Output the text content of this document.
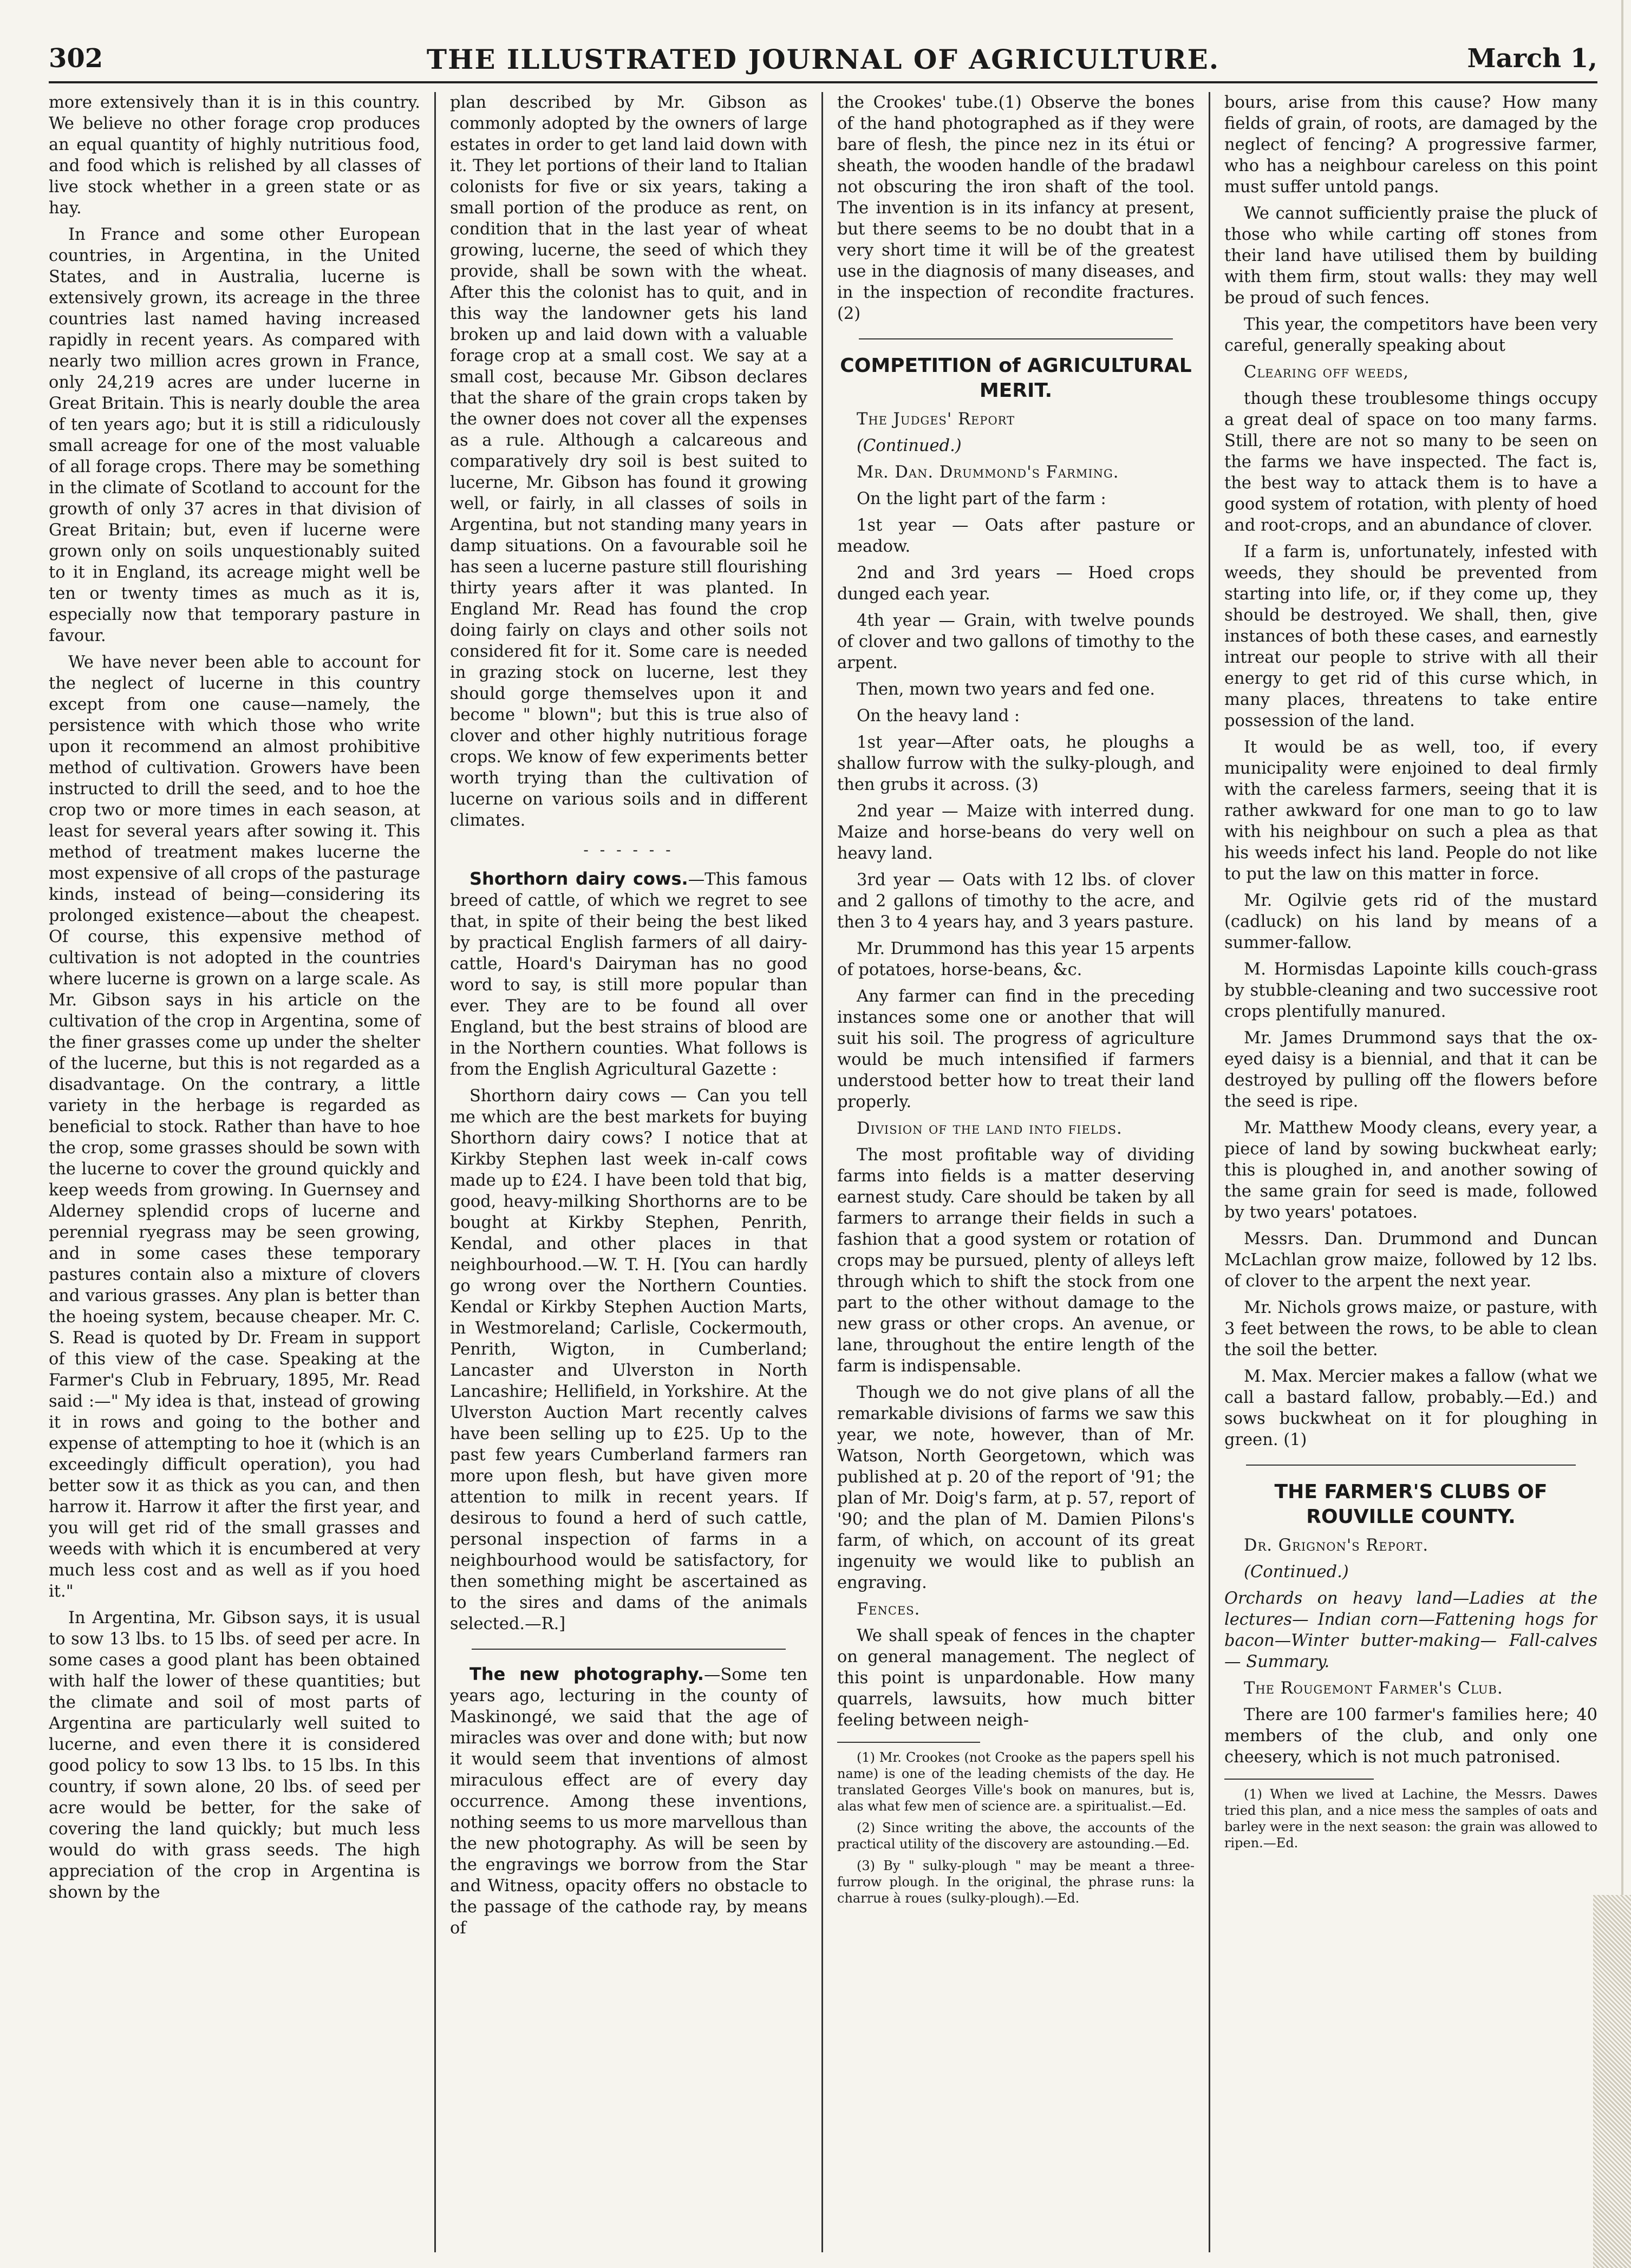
302	THE ILLUSTRATED JOURNAL OF AGRICULTURE.	March 1,

more extensively than it is in this country. We believe no other forage crop produces an equal quantity of highly nutritious food, and food which is relished by all classes of live stock whether in a green state or as hay.

In France and some other European countries, in Argentina, in the United States, and in Australia, lucerne is extensively grown, its acreage in the three countries last named having increased rapidly in recent years. As compared with nearly two million acres grown in France, only 24,219 acres are under lucerne in Great Britain. This is nearly double the area of ten years ago; but it is still a ridiculously small acreage for one of the most valuable of all forage crops. There may be something in the climate of Scotland to account for the growth of only 37 acres in that division of Great Britain; but, even if lucerne were grown only on soils unquestionably suited to it in England, its acreage might well be ten or twenty times as much as it is, especially now that temporary pasture in favour.

We have never been able to account for the neglect of lucerne in this country except from one cause—namely, the persistence with which those who write upon it recommend an almost prohibitive method of cultivation. Growers have been instructed to drill the seed, and to hoe the crop two or more times in each season, at least for several years after sowing it. This method of treatment makes lucerne the most expensive of all crops of the pasturage kinds, instead of being—considering its prolonged existence—about the cheapest. Of course, this expensive method of cultivation is not adopted in the countries where lucerne is grown on a large scale. As Mr. Gibson says in his article on the cultivation of the crop in Argentina, some of the finer grasses come up under the shelter of the lucerne, but this is not regarded as a disadvantage. On the contrary, a little variety in the herbage is regarded as beneficial to stock. Rather than have to hoe the crop, some grasses should be sown with the lucerne to cover the ground quickly and keep weeds from growing. In Guernsey and Alderney splendid crops of lucerne and perennial ryegrass may be seen growing, and in some cases these temporary pastures contain also a mixture of clovers and various grasses. Any plan is better than the hoeing system, because cheaper. Mr. C. S. Read is quoted by Dr. Fream in support of this view of the case. Speaking at the Farmer's Club in February, 1895, Mr. Read said :—" My idea is that, instead of growing it in rows and going to the bother and expense of attempting to hoe it (which is an exceedingly difficult operation), you had better sow it as thick as you can, and then harrow it. Harrow it after the first year, and you will get rid of the small grasses and weeds with which it is encumbered at very much less cost and as well as if you hoed it."

In Argentina, Mr. Gibson says, it is usual to sow 13 lbs. to 15 lbs. of seed per acre. In some cases a good plant has been obtained with half the lower of these quantities; but the climate and soil of most parts of Argentina are particularly well suited to lucerne, and even there it is considered good policy to sow 13 lbs. to 15 lbs. In this country, if sown alone, 20 lbs. of seed per acre would be better, for the sake of covering the land quickly; but much less would do with grass seeds. The high appreciation of the crop in Argentina is shown by the

plan described by Mr. Gibson as commonly adopted by the owners of large estates in order to get land laid down with it. They let portions of their land to Italian colonists for five or six years, taking a small portion of the produce as rent, on condition that in the last year of wheat growing, lucerne, the seed of which they provide, shall be sown with the wheat. After this the colonist has to quit, and in this way the landowner gets his land broken up and laid down with a valuable forage crop at a small cost. We say at a small cost, because Mr. Gibson declares that the share of the grain crops taken by the owner does not cover all the expenses as a rule. Although a calcareous and comparatively dry soil is best suited to lucerne, Mr. Gibson has found it growing well, or fairly, in all classes of soils in Argentina, but not standing many years in damp situations. On a favourable soil he has seen a lucerne pasture still flourishing thirty years after it was planted. In England Mr. Read has found the crop doing fairly on clays and other soils not considered fit for it. Some care is needed in grazing stock on lucerne, lest they should gorge themselves upon it and become " blown"; but this is true also of clover and other highly nutritious forage crops. We know of few experiments better worth trying than the cultivation of lucerne on various soils and in different climates.

- - - - - -

Shorthorn dairy cows.—This famous breed of cattle, of which we regret to see that, in spite of their being the best liked by practical English farmers of all dairy-cattle, Hoard's Dairyman has no good word to say, is still more popular than ever. They are to be found all over England, but the best strains of blood are in the Northern counties. What follows is from the English Agricultural Gazette :

Shorthorn dairy cows — Can you tell me which are the best markets for buying Shorthorn dairy cows? I notice that at Kirkby Stephen last week in-calf cows made up to £24. I have been told that big, good, heavy-milking Shorthorns are to be bought at Kirkby Stephen, Penrith, Kendal, and other places in that neighbourhood.—W. T. H. [You can hardly go wrong over the Northern Counties. Kendal or Kirkby Stephen Auction Marts, in Westmoreland; Carlisle, Cockermouth, Penrith, Wigton, in Cumberland; Lancaster and Ulverston in North Lancashire; Hellifield, in Yorkshire. At the Ulverston Auction Mart recently calves have been selling up to £25. Up to the past few years Cumberland farmers ran more upon flesh, but have given more attention to milk in recent years. If desirous to found a herd of such cattle, personal inspection of farms in a neighbourhood would be satisfactory, for then something might be ascertained as to the sires and dams of the animals selected.—R.]

The new photography.—Some ten years ago, lecturing in the county of Maskinongé, we said that the age of miracles was over and done with; but now it would seem that inventions of almost miraculous effect are of every day occurrence. Among these inventions, nothing seems to us more marvellous than the new photography. As will be seen by the engravings we borrow from the Star and Witness, opacity offers no obstacle to the passage of the cathode ray, by means of

the Crookes' tube.(1) Observe the bones of the hand photographed as if they were bare of flesh, the pince nez in its étui or sheath, the wooden handle of the bradawl not obscuring the iron shaft of the tool. The invention is in its infancy at present, but there seems to be no doubt that in a very short time it will be of the greatest use in the diagnosis of many diseases, and in the inspection of recondite fractures. (2)

COMPETITION of AGRICULTURAL MERIT.

The Judges' Report

(Continued.)

Mr. Dan. Drummond's Farming.

On the light part of the farm :

1st year — Oats after pasture or meadow.

2nd and 3rd years — Hoed crops dunged each year.

4th year — Grain, with twelve pounds of clover and two gallons of timothy to the arpent.

Then, mown two years and fed one.

On the heavy land :

1st year—After oats, he ploughs a shallow furrow with the sulky-plough, and then grubs it across. (3)

2nd year — Maize with interred dung. Maize and horse-beans do very well on heavy land.

3rd year — Oats with 12 lbs. of clover and 2 gallons of timothy to the acre, and then 3 to 4 years hay, and 3 years pasture.

Mr. Drummond has this year 15 arpents of potatoes, horse-beans, &c.

Any farmer can find in the preceding instances some one or another that will suit his soil. The progress of agriculture would be much intensified if farmers understood better how to treat their land properly.

Division of the land into fields.

The most profitable way of dividing farms into fields is a matter deserving earnest study. Care should be taken by all farmers to arrange their fields in such a fashion that a good system or rotation of crops may be pursued, plenty of alleys left through which to shift the stock from one part to the other without damage to the new grass or other crops. An avenue, or lane, throughout the entire length of the farm is indispensable.

Though we do not give plans of all the remarkable divisions of farms we saw this year, we note, however, than of Mr. Watson, North Georgetown, which was published at p. 20 of the report of '91; the plan of Mr. Doig's farm, at p. 57, report of '90; and the plan of M. Damien Pilons's farm, of which, on account of its great ingenuity we would like to publish an engraving.

Fences.

We shall speak of fences in the chapter on general management. The neglect of this point is unpardonable. How many quarrels, lawsuits, how much bitter feeling between neigh-

(1) Mr. Crookes (not Crooke as the papers spell his name) is one of the leading chemists of the day. He translated Georges Ville's book on manures, but is, alas what few men of science are. a spiritualist.—Ed.

(2) Since writing the above, the accounts of the practical utility of the discovery are astounding.—Ed.

(3) By " sulky-plough " may be meant a three-furrow plough. In the original, the phrase runs: la charrue à roues (sulky-plough).—Ed.

bours, arise from this cause? How many fields of grain, of roots, are damaged by the neglect of fencing? A progressive farmer, who has a neighbour careless on this point must suffer untold pangs.

We cannot sufficiently praise the pluck of those who while carting off stones from their land have utilised them by building with them firm, stout walls: they may well be proud of such fences.

This year, the competitors have been very careful, generally speaking about

Clearing off weeds,

though these troublesome things occupy a great deal of space on too many farms. Still, there are not so many to be seen on the farms we have inspected. The fact is, the best way to attack them is to have a good system of rotation, with plenty of hoed and root-crops, and an abundance of clover.

If a farm is, unfortunately, infested with weeds, they should be prevented from starting into life, or, if they come up, they should be destroyed. We shall, then, give instances of both these cases, and earnestly intreat our people to strive with all their energy to get rid of this curse which, in many places, threatens to take entire possession of the land.

It would be as well, too, if every municipality were enjoined to deal firmly with the careless farmers, seeing that it is rather awkward for one man to go to law with his neighbour on such a plea as that his weeds infect his land. People do not like to put the law on this matter in force.

Mr. Ogilvie gets rid of the mustard (cadluck) on his land by means of a summer-fallow.

M. Hormisdas Lapointe kills couch-grass by stubble-cleaning and two successive root crops plentifully manured.

Mr. James Drummond says that the ox-eyed daisy is a biennial, and that it can be destroyed by pulling off the flowers before the seed is ripe.

Mr. Matthew Moody cleans, every year, a piece of land by sowing buckwheat early; this is ploughed in, and another sowing of the same grain for seed is made, followed by two years' potatoes.

Messrs. Dan. Drummond and Duncan McLachlan grow maize, followed by 12 lbs. of clover to the arpent the next year.

Mr. Nichols grows maize, or pasture, with 3 feet between the rows, to be able to clean the soil the better.

M. Max. Mercier makes a fallow (what we call a bastard fallow, probably.—Ed.) and sows buckwheat on it for ploughing in green. (1)

THE FARMER'S CLUBS OF ROUVILLE COUNTY.

Dr. Grignon's Report.

(Continued.)

Orchards on heavy land—Ladies at the lectures— Indian corn—Fattening hogs for bacon—Winter butter-making— Fall-calves — Summary.

The Rougemont Farmer's Club.

There are 100 farmer's families here; 40 members of the club, and only one cheesery, which is not much patronised.

(1) When we lived at Lachine, the Messrs. Dawes tried this plan, and a nice mess the samples of oats and barley were in the next season: the grain was allowed to ripen.—Ed.
